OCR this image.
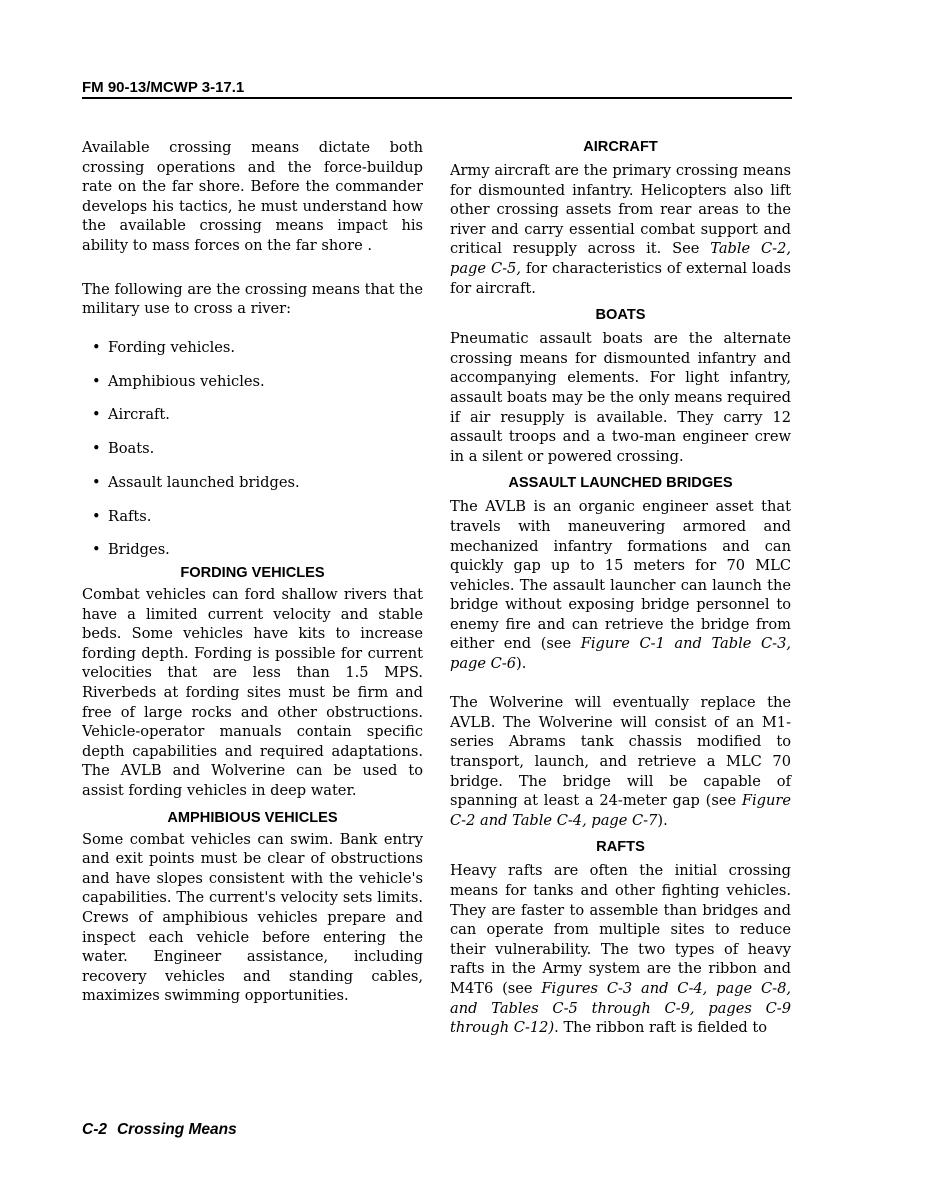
FM 90-13/MCWP 3-17.1

Available crossing means dictate both crossing operations and the force-buildup rate on the far shore. Before the commander develops his tactics, he must understand how the available crossing means impact his ability to mass forces on the far shore .

The following are the crossing means that the military use to cross a river:

• Fording vehicles.
• Amphibious vehicles.
• Aircraft.
• Boats.
• Assault launched bridges.
• Rafts.
• Bridges.
FORDING VEHICLES

Combat vehicles can ford shallow rivers that have a limited current velocity and stable beds. Some vehicles have kits to increase fording depth. Fording is possible for current velocities that are less than 1.5 MPS. Riverbeds at fording sites must be firm and free of large rocks and other obstructions. Vehicle-operator manuals contain specific depth capabilities and required adaptations. The AVLB and Wolverine can be used to assist fording vehicles in deep water.

AMPHIBIOUS VEHICLES

Some combat vehicles can swim. Bank entry and exit points must be clear of obstructions and have slopes consistent with the vehicle's capabilities. The current's velocity sets limits. Crews of amphibious vehicles prepare and inspect each vehicle before entering the water. Engineer assistance, including recovery vehicles and standing cables, maximizes swimming opportunities.

AIRCRAFT

Army aircraft are the primary crossing means for dismounted infantry. Helicopters also lift other crossing assets from rear areas to the river and carry essential combat support and critical resupply across it. See Table C-2, page C-5, for characteristics of external loads for aircraft.

BOATS

Pneumatic assault boats are the alternate crossing means for dismounted infantry and accompanying elements. For light infantry, assault boats may be the only means required if air resupply is available. They carry 12 assault troops and a two-man engineer crew in a silent or powered crossing.

ASSAULT LAUNCHED BRIDGES

The AVLB is an organic engineer asset that travels with maneuvering armored and mechanized infantry formations and can quickly gap up to 15 meters for 70 MLC vehicles. The assault launcher can launch the bridge without exposing bridge personnel to enemy fire and can retrieve the bridge from either end (see Figure C-1 and Table C-3, page C-6).

The Wolverine will eventually replace the AVLB. The Wolverine will consist of an M1-series Abrams tank chassis modified to transport, launch, and retrieve a MLC 70 bridge. The bridge will be capable of spanning at least a 24-meter gap (see Figure C-2 and Table C-4, page C-7).

RAFTS

Heavy rafts are often the initial crossing means for tanks and other fighting vehicles. They are faster to assemble than bridges and can operate from multiple sites to reduce their vulnerability. The two types of heavy rafts in the Army system are the ribbon and M4T6 (see Figures C-3 and C-4, page C-8, and Tables C-5 through C-9, pages C-9 through C-12). The ribbon raft is fielded to

C-2 Crossing Means
